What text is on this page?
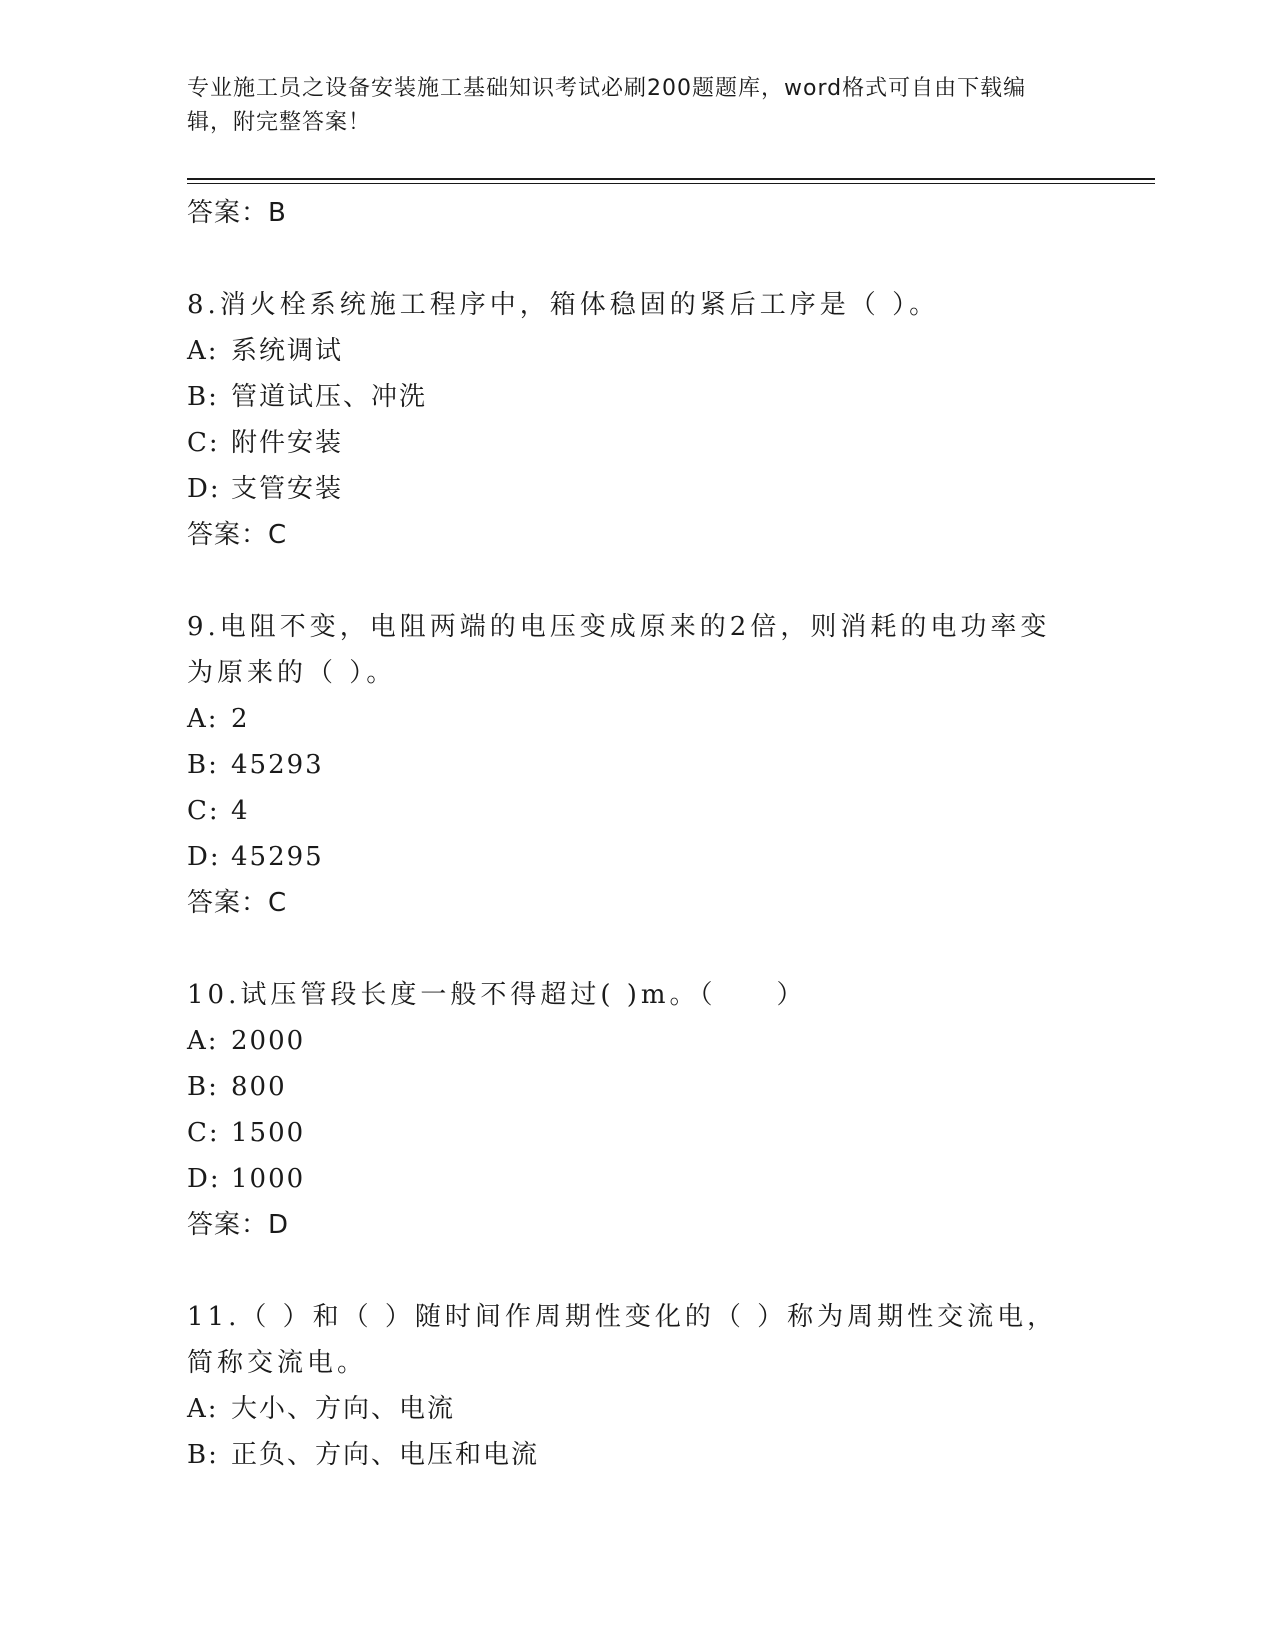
专业施工员之设备安装施工基础知识考试必刷200题题库，word格式可自由下载编辑，附完整答案！
答案：B
8.消火栓系统施工程序中，箱体稳固的紧后工序是（ ）。
A: 系统调试
B: 管道试压、冲洗
C: 附件安装
D: 支管安装
答案：C
9.电阻不变，电阻两端的电压变成原来的2倍，则消耗的电功率变为原来的（ ）。
A: 2
B: 45293
C: 4
D: 45295
答案：C
10.试压管段长度一般不得超过( )m。（　　）
A: 2000
B: 800
C: 1500
D: 1000
答案：D
11.（ ）和（ ）随时间作周期性变化的（ ）称为周期性交流电，简称交流电。
A: 大小、方向、电流
B: 正负、方向、电压和电流
